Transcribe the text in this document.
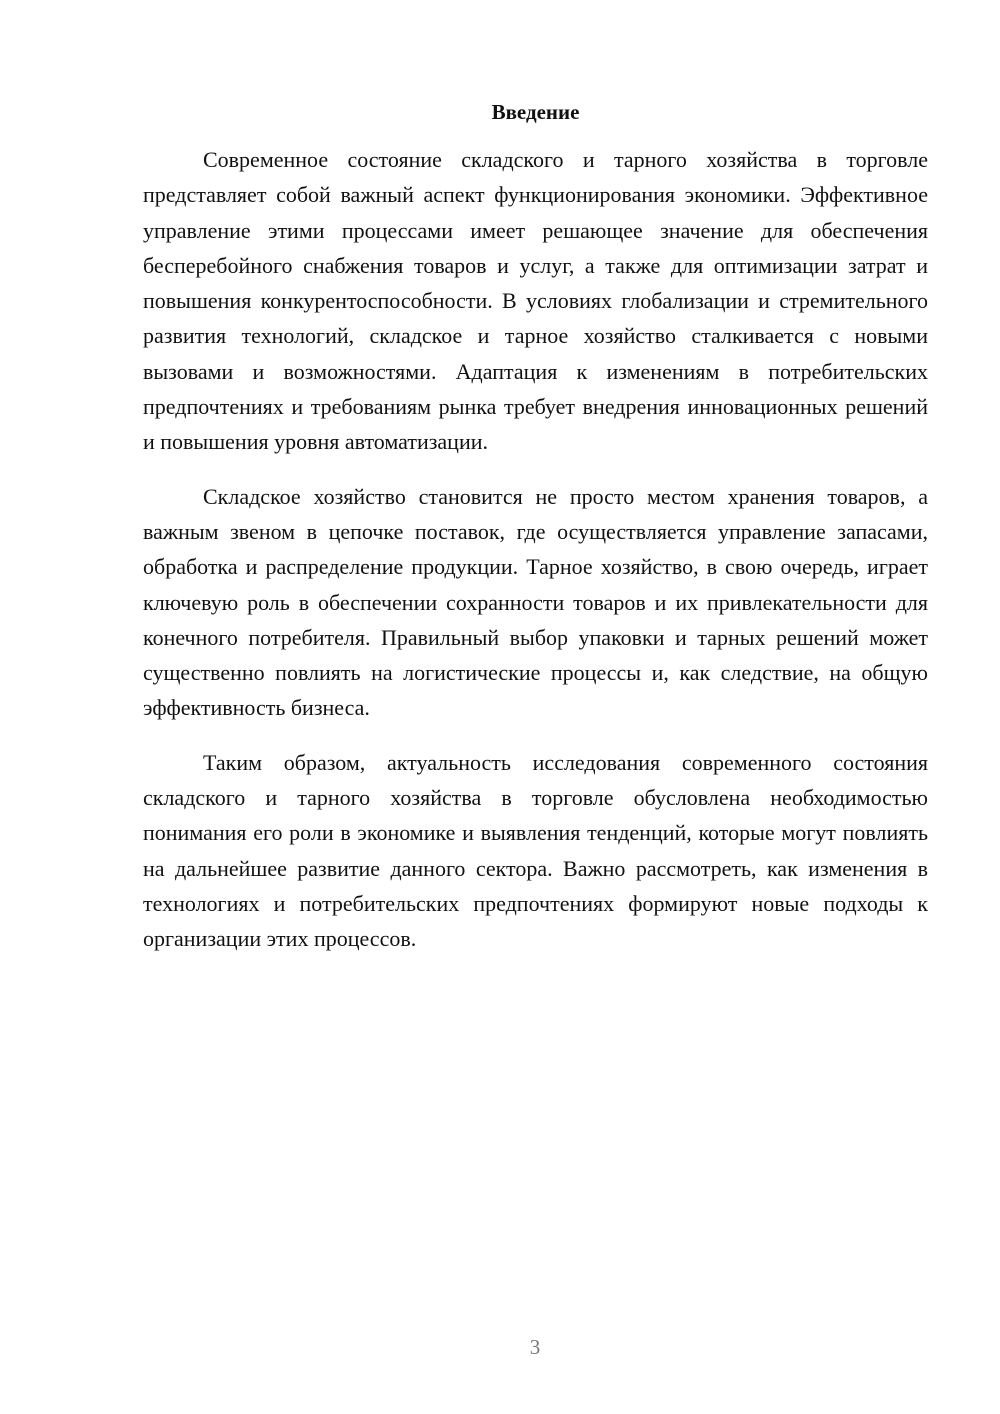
Введение

Современное состояние складского и тарного хозяйства в торговле представляет собой важный аспект функционирования экономики. Эффективное управление этими процессами имеет решающее значение для обеспечения бесперебойного снабжения товаров и услуг, а также для оптимизации затрат и повышения конкурентоспособности. В условиях глобализации и стремительного развития технологий, складское и тарное хозяйство сталкивается с новыми вызовами и возможностями. Адаптация к изменениям в потребительских предпочтениях и требованиям рынка требует внедрения инновационных решений и повышения уровня автоматизации.

Складское хозяйство становится не просто местом хранения товаров, а важным звеном в цепочке поставок, где осуществляется управление запасами, обработка и распределение продукции. Тарное хозяйство, в свою очередь, играет ключевую роль в обеспечении сохранности товаров и их привлекательности для конечного потребителя. Правильный выбор упаковки и тарных решений может существенно повлиять на логистические процессы и, как следствие, на общую эффективность бизнеса.

Таким образом, актуальность исследования современного состояния складского и тарного хозяйства в торговле обусловлена необходимостью понимания его роли в экономике и выявления тенденций, которые могут повлиять на дальнейшее развитие данного сектора. Важно рассмотреть, как изменения в технологиях и потребительских предпочтениях формируют новые подходы к организации этих процессов.

3
